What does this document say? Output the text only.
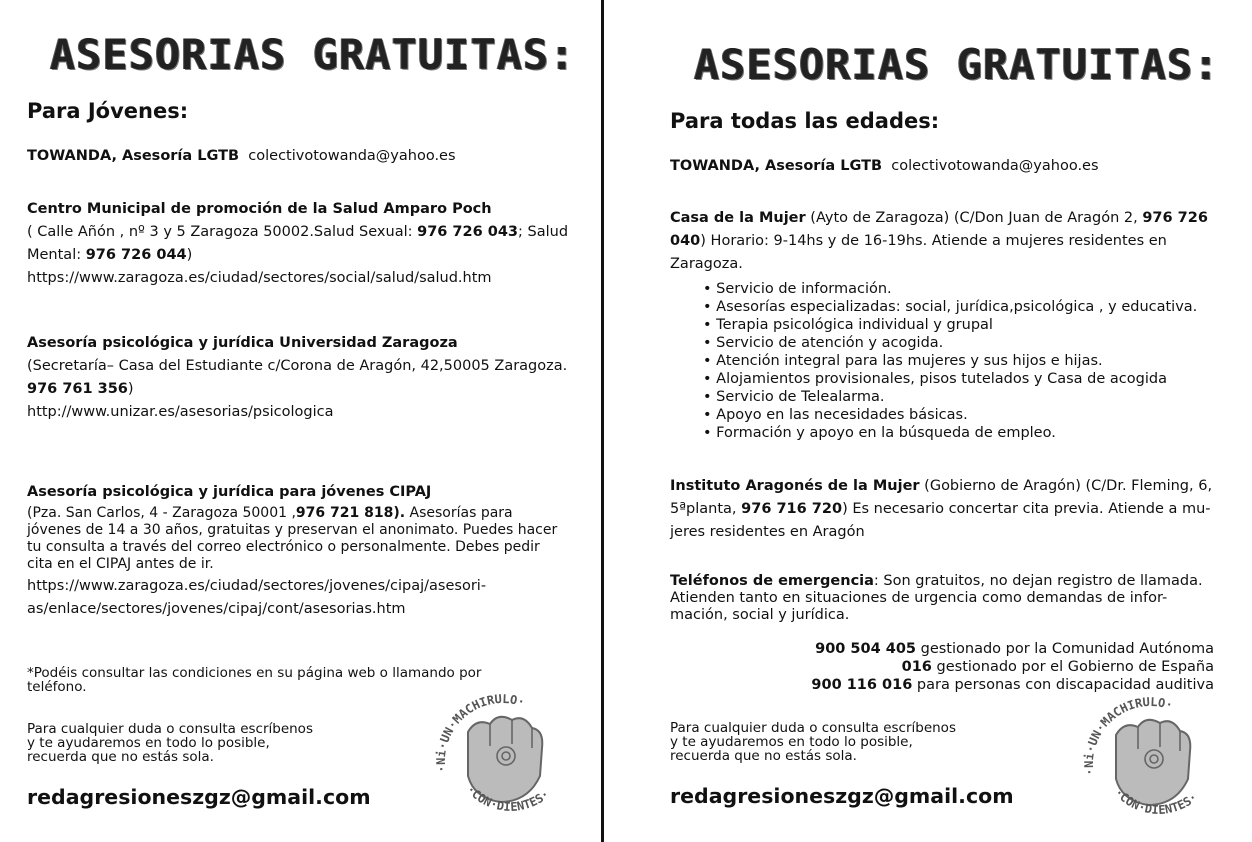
ASESORIAS GRATUITAS:
Para Jóvenes:
TOWANDA, Asesoría LGTB colectivotowanda@yahoo.es
Centro Municipal de promoción de la Salud Amparo Poch
( Calle Añón , nº 3 y 5 Zaragoza 50002.Salud Sexual: 976 726 043; Salud
Mental: 976 726 044)
https://www.zaragoza.es/ciudad/sectores/social/salud/salud.htm
Asesoría psicológica y jurídica Universidad Zaragoza
(Secretaría– Casa del Estudiante c/Corona de Aragón, 42,50005 Zaragoza.
976 761 356)
http://www.unizar.es/asesorias/psicologica
Asesoría psicológica y jurídica para jóvenes CIPAJ
(Pza. San Carlos, 4 - Zaragoza 50001 ,976 721 818). Asesorías para
jóvenes de 14 a 30 años, gratuitas y preservan el anonimato. Puedes hacer
tu consulta a través del correo electrónico o personalmente. Debes pedir
cita en el CIPAJ antes de ir.
https://www.zaragoza.es/ciudad/sectores/jovenes/cipaj/asesori-
as/enlace/sectores/jovenes/cipaj/cont/asesorias.htm
*Podéis consultar las condiciones en su página web o llamando por
teléfono.
Para cualquier duda o consulta escríbenos
y te ayudaremos en todo lo posible,
recuerda que no estás sola.
redagresioneszgz@gmail.com
·Ni·UN·MACHIRULO·
·CON·DIENTES·
ASESORIAS GRATUITAS:
Para todas las edades:
TOWANDA, Asesoría LGTB colectivotowanda@yahoo.es
Casa de la Mujer (Ayto de Zaragoza) (C/Don Juan de Aragón 2, 976 726
040) Horario: 9-14hs y de 16-19hs. Atiende a mujeres residentes en
Zaragoza.
• Servicio de información.
• Asesorías especializadas: social, jurídica,psicológica , y educativa.
• Terapia psicológica individual y grupal
• Servicio de atención y acogida.
• Atención integral para las mujeres y sus hijos e hijas.
• Alojamientos provisionales, pisos tutelados y Casa de acogida
• Servicio de Telealarma.
• Apoyo en las necesidades básicas.
• Formación y apoyo en la búsqueda de empleo.
Instituto Aragonés de la Mujer (Gobierno de Aragón) (C/Dr. Fleming, 6,
5ªplanta, 976 716 720) Es necesario concertar cita previa. Atiende a mu-
jeres residentes en Aragón
Teléfonos de emergencia: Son gratuitos, no dejan registro de llamada.
Atienden tanto en situaciones de urgencia como demandas de infor-
mación, social y jurídica.
900 504 405 gestionado por la Comunidad Autónoma
016 gestionado por el Gobierno de España
900 116 016 para personas con discapacidad auditiva
Para cualquier duda o consulta escríbenos
y te ayudaremos en todo lo posible,
recuerda que no estás sola.
redagresioneszgz@gmail.com
·Ni·UN·MACHIRULO·
·CON·DIENTES·
